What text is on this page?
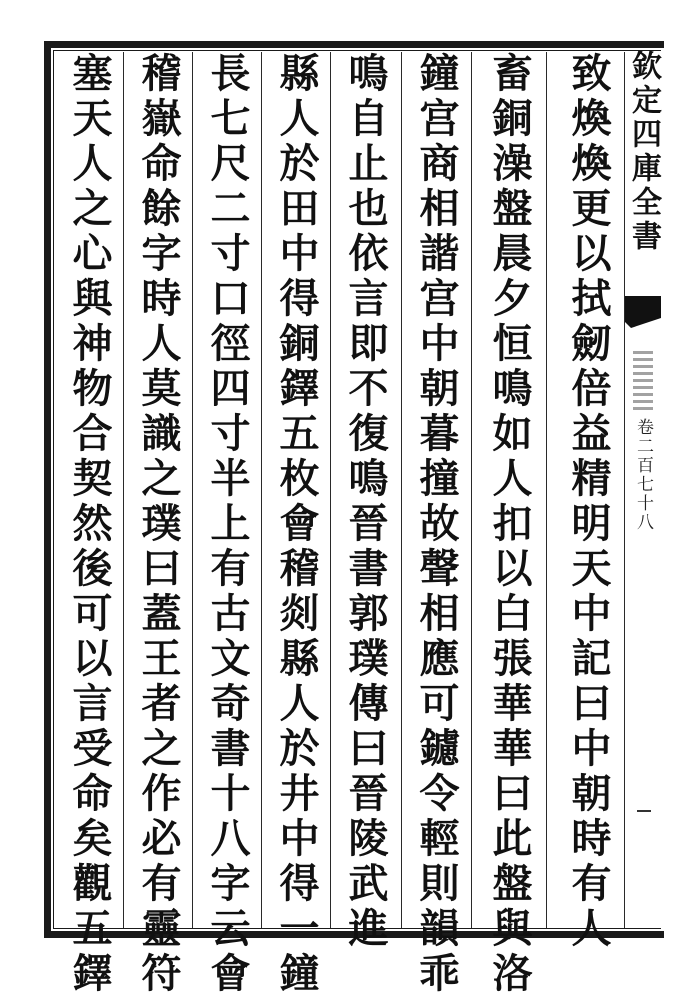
欽定四庫全書
卷二百七十八
致煥煥更以拭劒倍益精明
天中記曰中朝時有人
畜銅澡盤晨夕恒鳴如人扣以白張華華曰此盤與洛
鐘宫商相諧宫中朝暮撞故聲相應可鑢令輕則韻乖
鳴自止也依言即不復鳴
晉書郭璞傳曰晉陵武進
縣人於田中得銅鐸五枚會稽剡縣人於井中得一鐘
長七尺二寸口徑四寸半上有古文奇書十八字云會
稽嶽命餘字時人莫識之璞曰蓋王者之作必有靈符
塞天人之心與神物合契然後可以言受命矣觀五鐸
